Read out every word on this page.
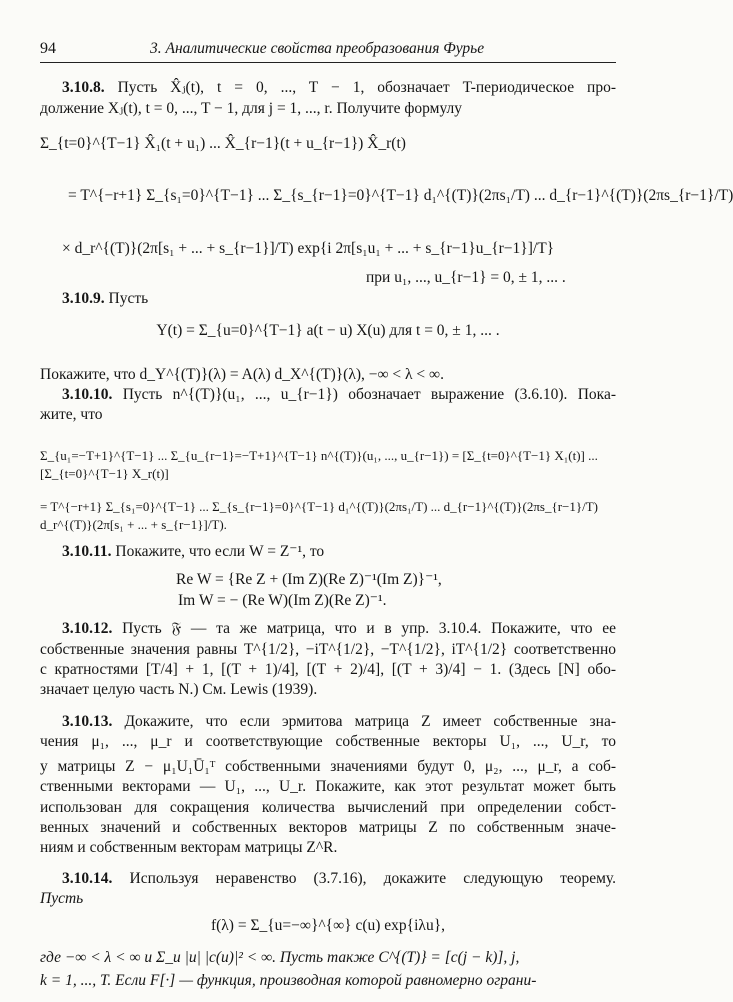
94	3. Аналитические свойства преобразования Фурье
3.10.8. Пусть X̂ⱼ(t), t = 0, ..., T − 1, обозначает T-периодическое про-
должение Xⱼ(t), t = 0, ..., T − 1, для j = 1, ..., r. Получите формулу
Σ_{t=0}^{T−1} X̂₁(t + u₁) ... X̂_{r−1}(t + u_{r−1}) X̂_r(t)
= T^{−r+1} Σ_{s₁=0}^{T−1} ... Σ_{s_{r−1}=0}^{T−1} d₁^{(T)}(2πs₁/T) ... d_{r−1}^{(T)}(2πs_{r−1}/T)
× d_r^{(T)}(2π[s₁ + ... + s_{r−1}]/T) exp{i 2π[s₁u₁ + ... + s_{r−1}u_{r−1}]/T}
при u₁, ..., u_{r−1} = 0, ± 1, ... .
3.10.9. Пусть
Y(t) = Σ_{u=0}^{T−1} a(t − u) X(u) для t = 0, ± 1, ... .
Покажите, что d_Y^{(T)}(λ) = A(λ) d_X^{(T)}(λ), −∞ < λ < ∞.
3.10.10. Пусть n^{(T)}(u₁, ..., u_{r−1}) обозначает выражение (3.6.10). Пока-
жите, что
Σ_{u₁=−T+1}^{T−1} ... Σ_{u_{r−1}=−T+1}^{T−1} n^{(T)}(u₁, ..., u_{r−1}) = [Σ_{t=0}^{T−1} X₁(t)] ... [Σ_{t=0}^{T−1} X_r(t)]
= T^{−r+1} Σ_{s₁=0}^{T−1} ... Σ_{s_{r−1}=0}^{T−1} d₁^{(T)}(2πs₁/T) ... d_{r−1}^{(T)}(2πs_{r−1}/T) d_r^{(T)}(2π[s₁ + ... + s_{r−1}]/T).
3.10.11. Покажите, что если W = Z⁻¹, то
Re W = {Re Z + (Im Z)(Re Z)⁻¹(Im Z)}⁻¹,
Im W = − (Re W)(Im Z)(Re Z)⁻¹.
3.10.12. Пусть 𝔉 — та же матрица, что и в упр. 3.10.4. Покажите, что ее
собственные значения равны T^{1/2}, −iT^{1/2}, −T^{1/2}, iT^{1/2} соответственно
с кратностями [T/4] + 1, [(T + 1)/4], [(T + 2)/4], [(T + 3)/4] − 1. (Здесь [N] обо-
значает целую часть N.) См. Lewis (1939).
3.10.13. Докажите, что если эрмитова матрица Z имеет собственные зна-
чения μ₁, ..., μ_r и соответствующие собственные векторы U₁, ..., U_r, то
у матрицы Z − μ₁U₁Ū₁ᵀ собственными значениями будут 0, μ₂, ..., μ_r, а соб-
ственными векторами — U₁, ..., U_r. Покажите, как этот результат может быть
использован для сокращения количества вычислений при определении собст-
венных значений и собственных векторов матрицы Z по собственным значе-
ниям и собственным векторам матрицы Z^R.
3.10.14. Используя неравенство (3.7.16), докажите следующую теорему.
Пусть
f(λ) = Σ_{u=−∞}^{∞} c(u) exp{iλu},
где −∞ < λ < ∞ и Σ_u |u| |c(u)|² < ∞. Пусть также C^{(T)} = [c(j − k)], j,
k = 1, ..., T. Если F[·] — функция, производная которой равномерно ограни-
